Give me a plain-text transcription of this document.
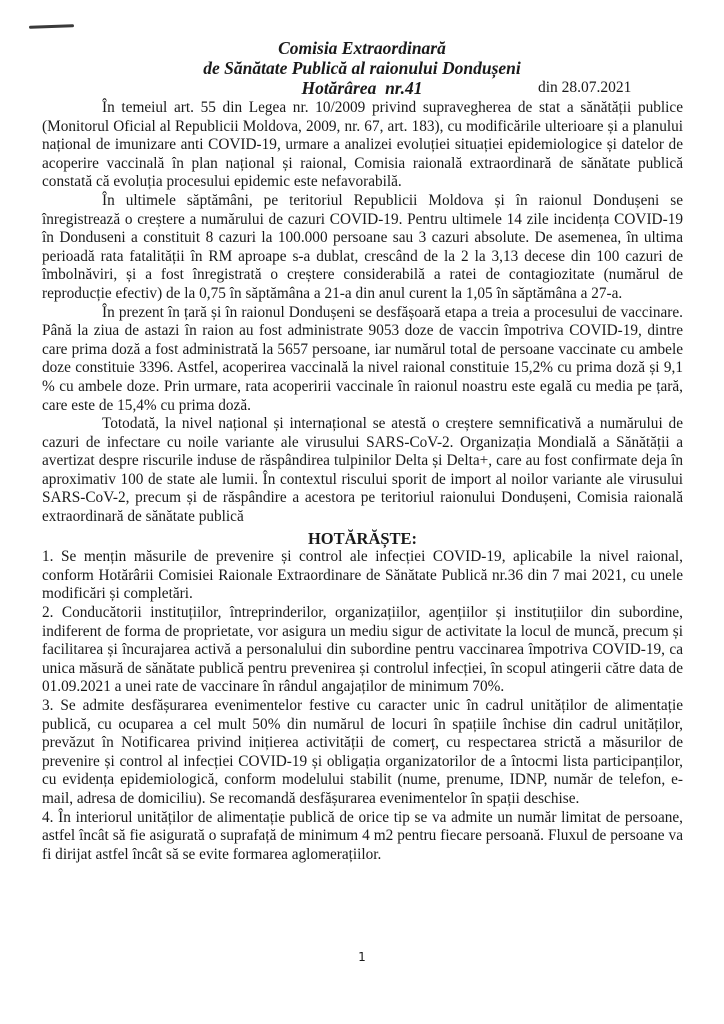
Comisia Extraordinară
de Sănătate Publică al raionului Dondușeni
Hotărârea  nr.41	din 28.07.2021

În temeiul art. 55 din Legea nr. 10/2009 privind supravegherea de stat a sănătății publice (Monitorul Oficial al Republicii Moldova, 2009, nr. 67, art. 183), cu modificările ulterioare și a planului național de imunizare anti COVID-19, urmare a analizei evoluției situației epidemiologice și datelor de acoperire vaccinală în plan național și raional, Comisia raională extraordinară de sănătate publică constată că evoluția procesului epidemic este nefavorabilă.

În ultimele săptămâni, pe teritoriul Republicii Moldova și în raionul Dondușeni se înregistrează o creștere a numărului de cazuri COVID-19. Pentru ultimele 14 zile incidența COVID-19 în Donduseni a constituit 8 cazuri la 100.000 persoane sau 3 cazuri absolute. De asemenea, în ultima perioadă rata fatalității în RM aproape s-a dublat, crescând de la 2 la 3,13 decese din 100 cazuri de îmbolnăviri, și a fost înregistrată o creștere considerabilă a ratei de contagiozitate (numărul de reproducție efectiv) de la 0,75 în săptămâna a 21-a din anul curent la 1,05 în săptămâna a 27-a.

În prezent în țară și în raionul Dondușeni se desfășoară etapa a treia a procesului de vaccinare. Până la ziua de astazi în raion au fost administrate 9053 doze de vaccin împotriva COVID-19, dintre care prima doză a fost administrată la 5657 persoane, iar numărul total de persoane vaccinate cu ambele doze constituie 3396. Astfel, acoperirea vaccinală la nivel raional constituie 15,2% cu prima doză și 9,1 % cu ambele doze. Prin urmare, rata acoperirii vaccinale în raionul noastru este egală cu media pe țară, care este de 15,4% cu prima doză.

Totodată, la nivel național și internațional se atestă o creștere semnificativă a numărului de cazuri de infectare cu noile variante ale virusului SARS-CoV-2. Organizația Mondială a Sănătății a avertizat despre riscurile induse de răspândirea tulpinilor Delta și Delta+, care au fost confirmate deja în aproximativ 100 de state ale lumii. În contextul riscului sporit de import al noilor variante ale virusului SARS-CoV-2, precum și de răspândire a acestora pe teritoriul raionului Dondușeni, Comisia raională extraordinară de sănătate publică

HOTĂRĂȘTE:

1. Se mențin măsurile de prevenire și control ale infecției COVID-19, aplicabile la nivel raional, conform Hotărârii Comisiei Raionale Extraordinare de Sănătate Publică nr.36 din 7 mai 2021, cu unele modificări și completări.

2. Conducătorii instituțiilor, întreprinderilor, organizațiilor, agențiilor și instituțiilor din subordine, indiferent de forma de proprietate, vor asigura un mediu sigur de activitate la locul de muncă, precum și facilitarea și încurajarea activă a personalului din subordine pentru vaccinarea împotriva COVID-19, ca unica măsură de sănătate publică pentru prevenirea și controlul infecției, în scopul atingerii către data de 01.09.2021 a unei rate de vaccinare în rândul angajaților de minimum 70%.

3. Se admite desfășurarea evenimentelor festive cu caracter unic în cadrul unităților de alimentație publică, cu ocuparea a cel mult 50% din numărul de locuri în spațiile închise din cadrul unităților, prevăzut în Notificarea privind inițierea activității de comerț, cu respectarea strictă a măsurilor de prevenire și control al infecției COVID-19 și obligația organizatorilor de a întocmi lista participanților, cu evidența epidemiologică, conform modelului stabilit (nume, prenume, IDNP, număr de telefon, e-mail, adresa de domiciliu). Se recomandă desfășurarea evenimentelor în spații deschise.

4. În interiorul unităților de alimentație publică de orice tip se va admite un număr limitat de persoane, astfel încât să fie asigurată o suprafață de minimum 4 m2 pentru fiecare persoană. Fluxul de persoane va fi dirijat astfel încât să se evite formarea aglomerațiilor.

1
